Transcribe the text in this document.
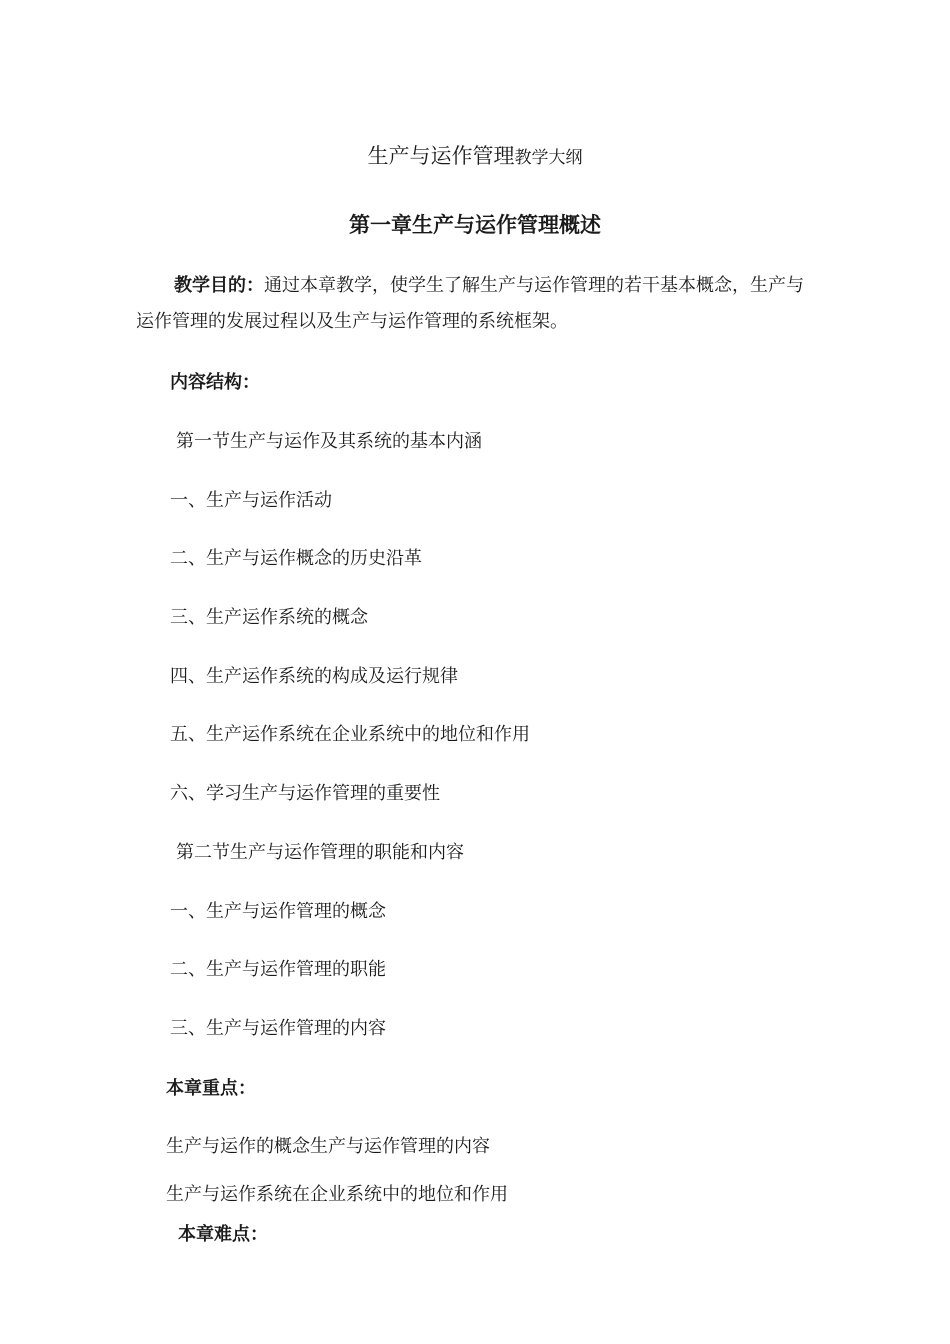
生产与运作管理教学大纲
第一章生产与运作管理概述
教学目的：通过本章教学，使学生了解生产与运作管理的若干基本概念，生产与运作管理的发展过程以及生产与运作管理的系统框架。
内容结构：
第一节生产与运作及其系统的基本内涵
一、生产与运作活动
二、生产与运作概念的历史沿革
三、生产运作系统的概念
四、生产运作系统的构成及运行规律
五、生产运作系统在企业系统中的地位和作用
六、学习生产与运作管理的重要性
第二节生产与运作管理的职能和内容
一、生产与运作管理的概念
二、生产与运作管理的职能
三、生产与运作管理的内容
本章重点：
生产与运作的概念生产与运作管理的内容
生产与运作系统在企业系统中的地位和作用
本章难点：
